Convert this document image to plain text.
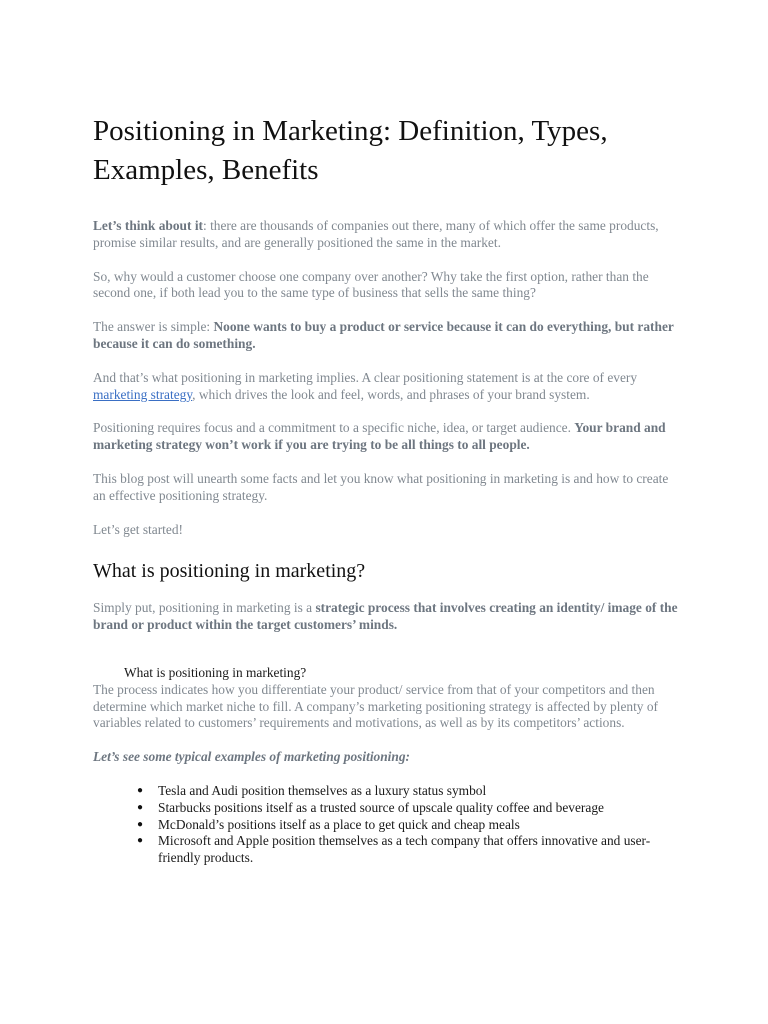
Positioning in Marketing: Definition, Types, Examples, Benefits

Let’s think about it: there are thousands of companies out there, many of which offer the same products, promise similar results, and are generally positioned the same in the market.

So, why would a customer choose one company over another? Why take the first option, rather than the second one, if both lead you to the same type of business that sells the same thing?

The answer is simple: Noone wants to buy a product or service because it can do everything, but rather because it can do something.

And that’s what positioning in marketing implies. A clear positioning statement is at the core of every marketing strategy, which drives the look and feel, words, and phrases of your brand system.

Positioning requires focus and a commitment to a specific niche, idea, or target audience. Your brand and marketing strategy won’t work if you are trying to be all things to all people.

This blog post will unearth some facts and let you know what positioning in marketing is and how to create an effective positioning strategy.

Let’s get started!

What is positioning in marketing?

Simply put, positioning in marketing is a strategic process that involves creating an identity/ image of the brand or product within the target customers’ minds.

What is positioning in marketing?

The process indicates how you differentiate your product/ service from that of your competitors and then determine which market niche to fill. A company’s marketing positioning strategy is affected by plenty of variables related to customers’ requirements and motivations, as well as by its competitors’ actions.

Let’s see some typical examples of marketing positioning:

● Tesla and Audi position themselves as a luxury status symbol
● Starbucks positions itself as a trusted source of upscale quality coffee and beverage
● McDonald’s positions itself as a place to get quick and cheap meals
● Microsoft and Apple position themselves as a tech company that offers innovative and user-friendly products.
